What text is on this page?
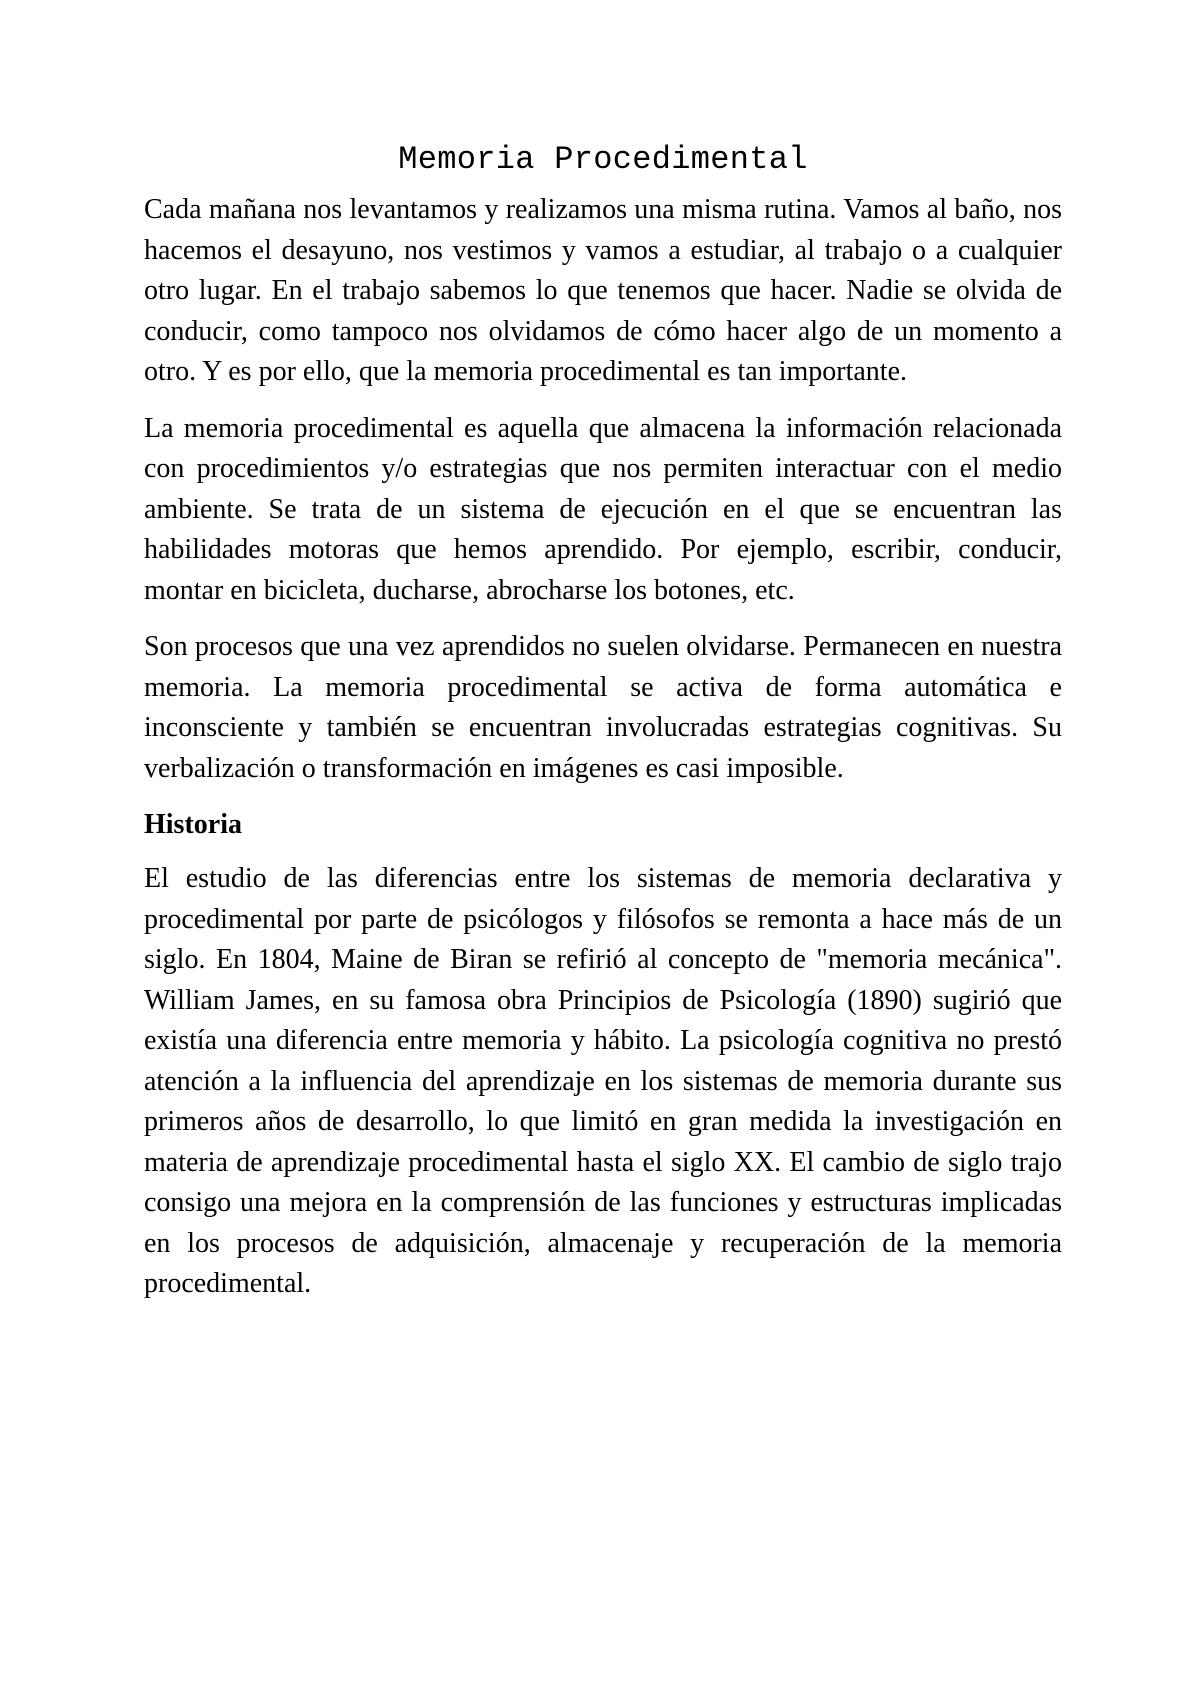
Memoria Procedimental

Cada mañana nos levantamos y realizamos una misma rutina. Vamos al baño, nos hacemos el desayuno, nos vestimos y vamos a estudiar, al trabajo o a cualquier otro lugar. En el trabajo sabemos lo que tenemos que hacer. Nadie se olvida de conducir, como tampoco nos olvidamos de cómo hacer algo de un momento a otro. Y es por ello, que la memoria procedimental es tan importante.

La memoria procedimental es aquella que almacena la información relacionada con procedimientos y/o estrategias que nos permiten interactuar con el medio ambiente. Se trata de un sistema de ejecución en el que se encuentran las habilidades motoras que hemos aprendido. Por ejemplo, escribir, conducir, montar en bicicleta, ducharse, abrocharse los botones, etc.

Son procesos que una vez aprendidos no suelen olvidarse. Permanecen en nuestra memoria. La memoria procedimental se activa de forma automática e inconsciente y también se encuentran involucradas estrategias cognitivas. Su verbalización o transformación en imágenes es casi imposible.

Historia

El estudio de las diferencias entre los sistemas de memoria declarativa y procedimental por parte de psicólogos y filósofos se remonta a hace más de un siglo. En 1804, Maine de Biran se refirió al concepto de "memoria mecánica". William James, en su famosa obra Principios de Psicología (1890) sugirió que existía una diferencia entre memoria y hábito. La psicología cognitiva no prestó atención a la influencia del aprendizaje en los sistemas de memoria durante sus primeros años de desarrollo, lo que limitó en gran medida la investigación en materia de aprendizaje procedimental hasta el siglo XX. El cambio de siglo trajo consigo una mejora en la comprensión de las funciones y estructuras implicadas en los procesos de adquisición, almacenaje y recuperación de la memoria procedimental.
